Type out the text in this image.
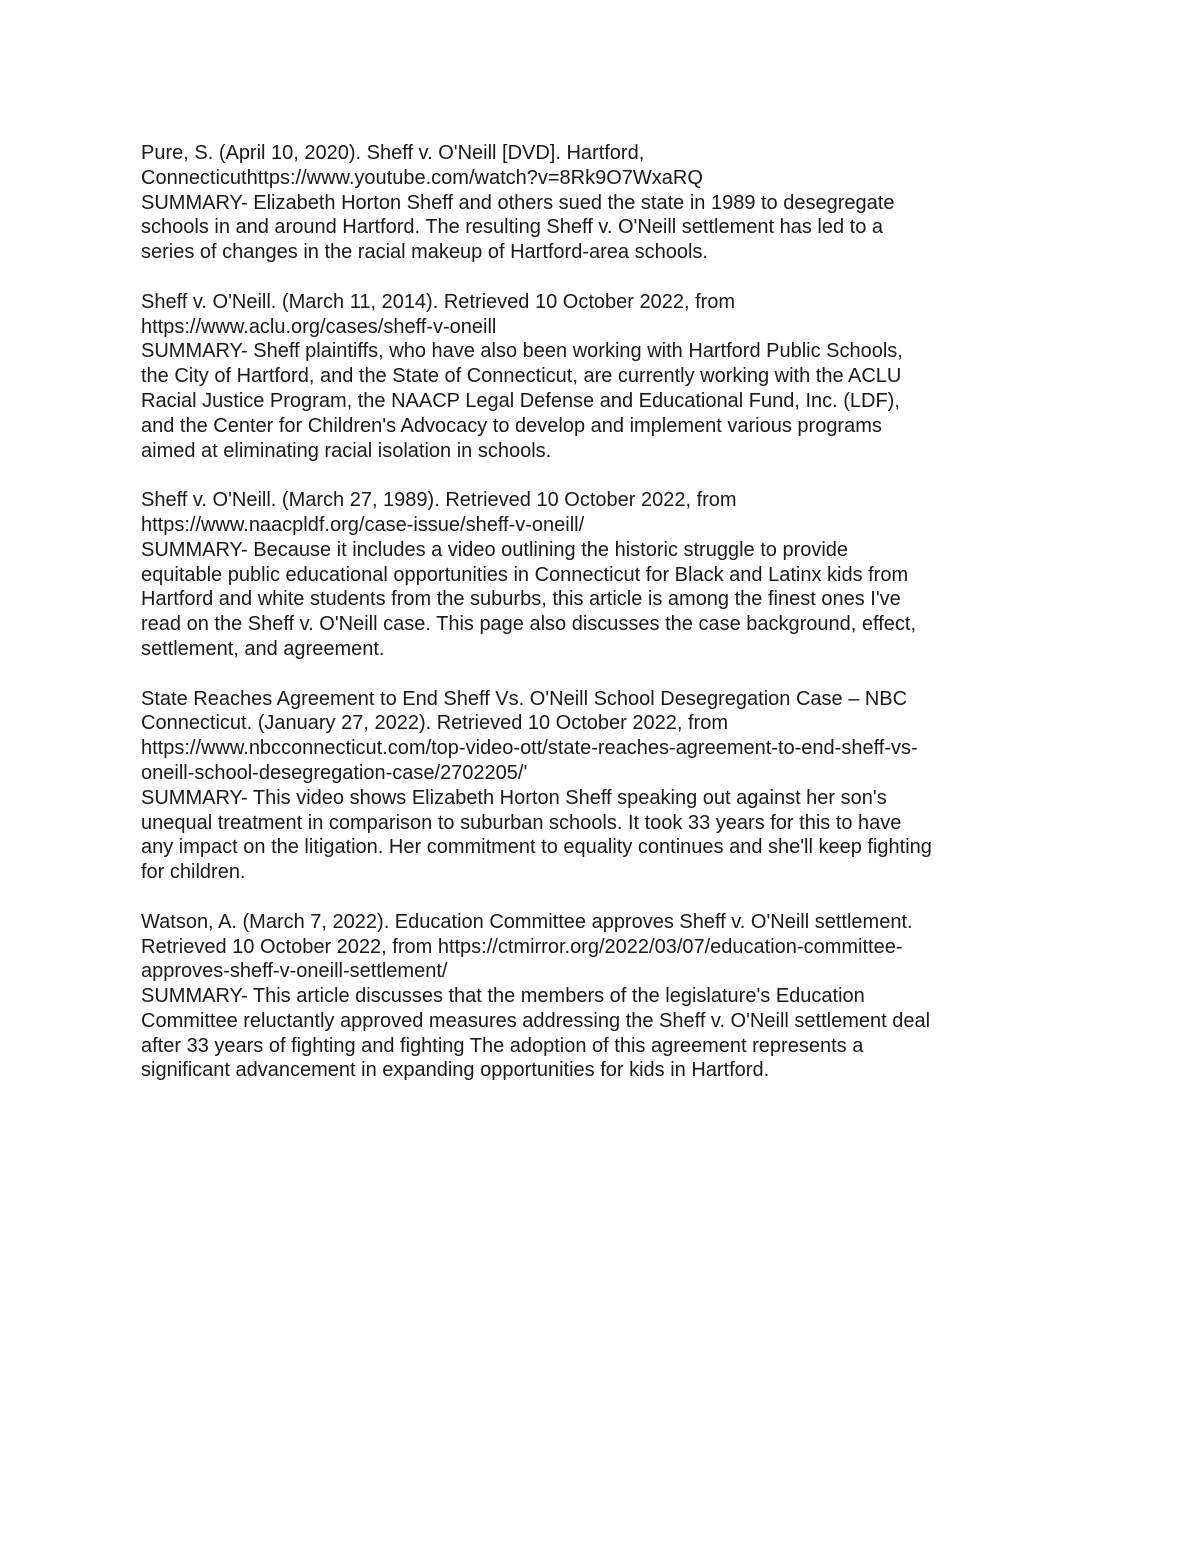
Pure, S. (April 10, 2020). Sheff v. O'Neill [DVD]. Hartford,
Connecticuthttps://www.youtube.com/watch?v=8Rk9O7WxaRQ
SUMMARY- Elizabeth Horton Sheff and others sued the state in 1989 to desegregate
schools in and around Hartford. The resulting Sheff v. O'Neill settlement has led to a
series of changes in the racial makeup of Hartford-area schools.
Sheff v. O'Neill. (March 11, 2014). Retrieved 10 October 2022, from
https://www.aclu.org/cases/sheff-v-oneill
SUMMARY- Sheff plaintiffs, who have also been working with Hartford Public Schools,
the City of Hartford, and the State of Connecticut, are currently working with the ACLU
Racial Justice Program, the NAACP Legal Defense and Educational Fund, Inc. (LDF),
and the Center for Children's Advocacy to develop and implement various programs
aimed at eliminating racial isolation in schools.
Sheff v. O'Neill. (March 27, 1989). Retrieved 10 October 2022, from
https://www.naacpldf.org/case-issue/sheff-v-oneill/
SUMMARY- Because it includes a video outlining the historic struggle to provide
equitable public educational opportunities in Connecticut for Black and Latinx kids from
Hartford and white students from the suburbs, this article is among the finest ones I've
read on the Sheff v. O'Neill case. This page also discusses the case background, effect,
settlement, and agreement.
State Reaches Agreement to End Sheff Vs. O'Neill School Desegregation Case – NBC
Connecticut. (January 27, 2022). Retrieved 10 October 2022, from
https://www.nbcconnecticut.com/top-video-ott/state-reaches-agreement-to-end-sheff-vs-
oneill-school-desegregation-case/2702205/'
SUMMARY- This video shows Elizabeth Horton Sheff speaking out against her son's
unequal treatment in comparison to suburban schools. It took 33 years for this to have
any impact on the litigation. Her commitment to equality continues and she'll keep fighting
for children.
Watson, A. (March 7, 2022). Education Committee approves Sheff v. O'Neill settlement.
Retrieved 10 October 2022, from https://ctmirror.org/2022/03/07/education-committee-
approves-sheff-v-oneill-settlement/
SUMMARY- This article discusses that the members of the legislature's Education
Committee reluctantly approved measures addressing the Sheff v. O'Neill settlement deal
after 33 years of fighting and fighting The adoption of this agreement represents a
significant advancement in expanding opportunities for kids in Hartford.
